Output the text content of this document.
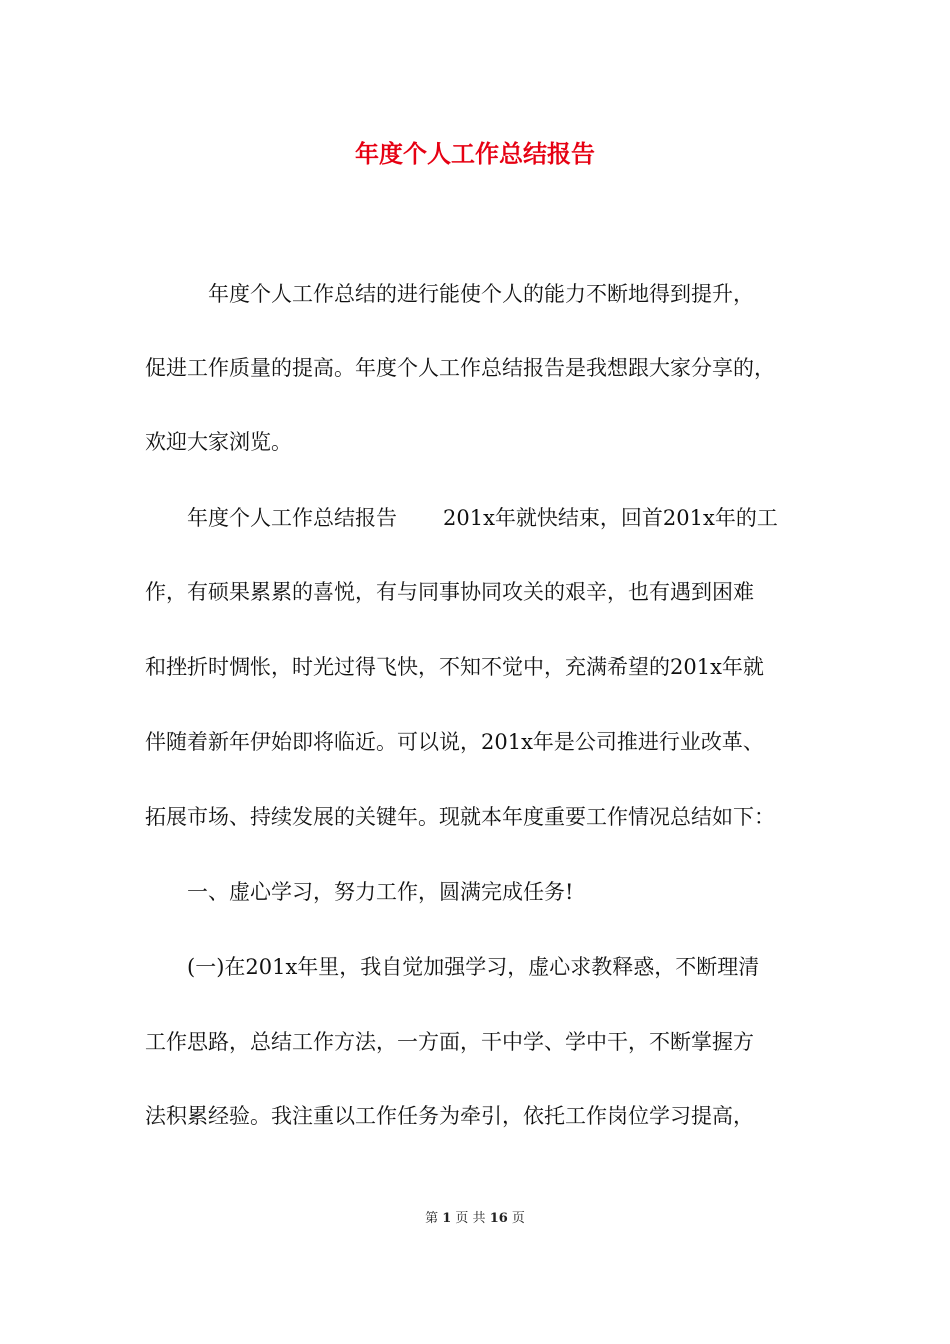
年度个人工作总结报告
　　　年度个人工作总结的进行能使个人的能力不断地得到提升，
促进工作质量的提高。年度个人工作总结报告是我想跟大家分享的，
欢迎大家浏览。
　　年度个人工作总结报告 201x年就快结束，回首201x年的工
作，有硕果累累的喜悦，有与同事协同攻关的艰辛，也有遇到困难
和挫折时惆怅，时光过得飞快，不知不觉中，充满希望的201x年就
伴随着新年伊始即将临近。可以说，201x年是公司推进行业改革、
拓展市场、持续发展的关键年。现就本年度重要工作情况总结如下：
　　一、虚心学习，努力工作，圆满完成任务!
　　(一)在201x年里，我自觉加强学习，虚心求教释惑，不断理清
工作思路，总结工作方法，一方面，干中学、学中干，不断掌握方
法积累经验。我注重以工作任务为牵引，依托工作岗位学习提高，
第 1 页 共 16 页
